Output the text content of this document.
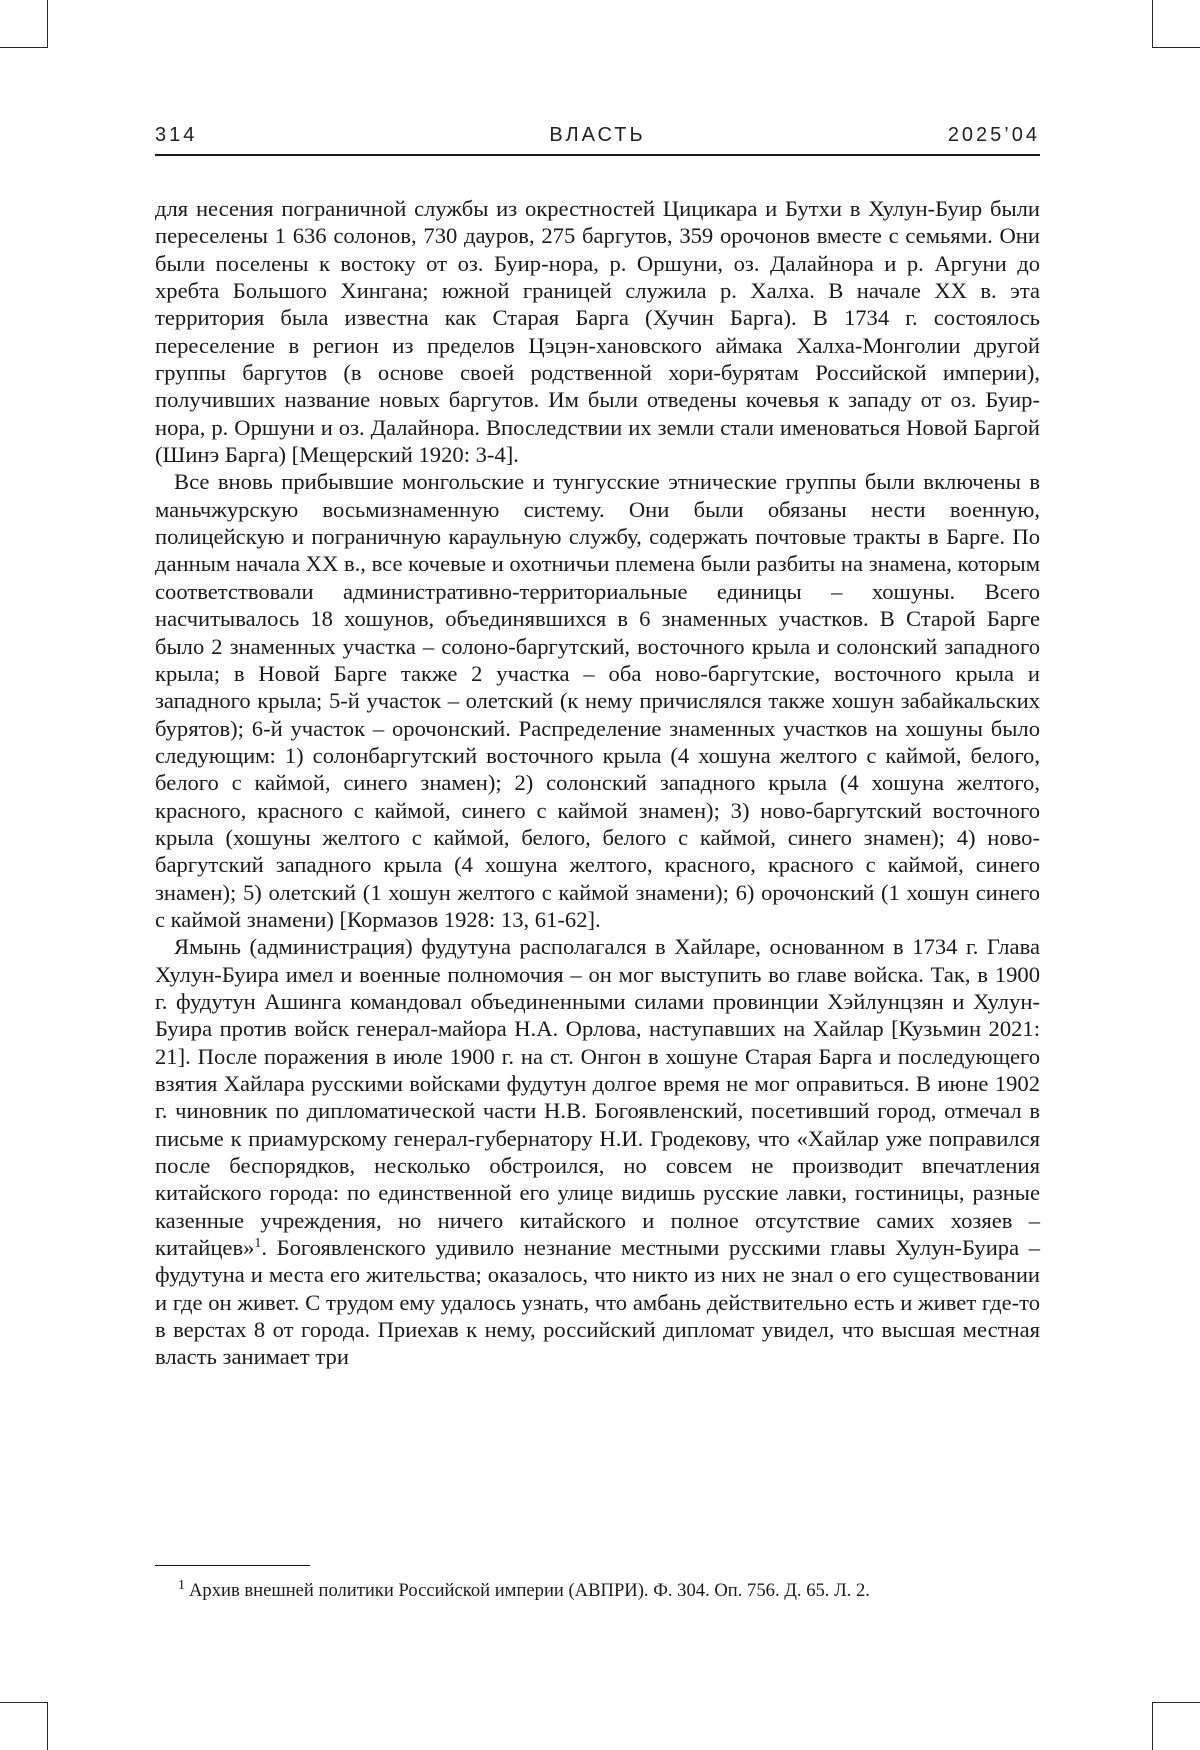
314	ВЛАСТЬ	2025’04

для несения пограничной службы из окрестностей Цицикара и Бутхи в Хулун-Буир были переселены 1 636 солонов, 730 дауров, 275 баргутов, 359 орочонов вместе с семьями. Они были поселены к востоку от оз. Буир-нора, р. Оршуни, оз. Далайнора и р. Аргуни до хребта Большого Хингана; южной границей служила р. Халха. В начале XX в. эта территория была известна как Старая Барга (Хучин Барга). В 1734 г. состоялось переселение в регион из пределов Цэцэн-хановского аймака Халха-Монголии другой группы баргутов (в основе своей родственной хори-бурятам Российской империи), получивших название новых баргутов. Им были отведены кочевья к западу от оз. Буир-нора, р. Оршуни и оз. Далайнора. Впоследствии их земли стали именоваться Новой Баргой (Шинэ Барга) [Мещерский 1920: 3-4].

Все вновь прибывшие монгольские и тунгусские этнические группы были включены в маньчжурскую восьмизнаменную систему. Они были обязаны нести военную, полицейскую и пограничную караульную службу, содержать почтовые тракты в Барге. По данным начала XX в., все кочевые и охотничьи племена были разбиты на знамена, которым соответствовали административно-территориальные единицы – хошуны. Всего насчитывалось 18 хошунов, объединявшихся в 6 знаменных участков. В Старой Барге было 2 знаменных участка – солоно-баргутский, восточного крыла и солонский западного крыла; в Новой Барге также 2 участка – оба ново-баргутские, восточного крыла и западного крыла; 5-й участок – олетский (к нему причислялся также хошун забайкальских бурятов); 6-й участок – орочонский. Распределение знаменных участков на хошуны было следующим: 1) солонбаргутский восточного крыла (4 хошуна желтого с каймой, белого, белого с каймой, синего знамен); 2) солонский западного крыла (4 хошуна желтого, красного, красного с каймой, синего с каймой знамен); 3) ново-баргутский восточного крыла (хошуны желтого с каймой, белого, белого с каймой, синего знамен); 4) ново-баргутский западного крыла (4 хошуна желтого, красного, красного с каймой, синего знамен); 5) олетский (1 хошун желтого с каймой знамени); 6) орочонский (1 хошун синего с каймой знамени) [Кормазов 1928: 13, 61-62].

Ямынь (администрация) фудутуна располагался в Хайларе, основанном в 1734 г. Глава Хулун-Буира имел и военные полномочия – он мог выступить во главе войска. Так, в 1900 г. фудутун Ашинга командовал объединенными силами провинции Хэйлунцзян и Хулун-Буира против войск генерал-майора Н.А. Орлова, наступавших на Хайлар [Кузьмин 2021: 21]. После поражения в июле 1900 г. на ст. Онгон в хошуне Старая Барга и последующего взятия Хайлара русскими войсками фудутун долгое время не мог оправиться. В июне 1902 г. чиновник по дипломатической части Н.В. Богоявленский, посетивший город, отмечал в письме к приамурскому генерал-губернатору Н.И. Гродекову, что «Хайлар уже поправился после беспорядков, несколько обстроился, но совсем не производит впечатления китайского города: по единственной его улице видишь русские лавки, гостиницы, разные казенные учреждения, но ничего китайского и полное отсутствие самих хозяев – китайцев»$^1$. Богоявленского удивило незнание местными русскими главы Хулун-Буира – фудутуна и места его жительства; оказалось, что никто из них не знал о его существовании и где он живет. С трудом ему удалось узнать, что амбань действительно есть и живет где-то в верстах 8 от города. Приехав к нему, российский дипломат увидел, что высшая местная власть занимает три

$^1$ Архив внешней политики Российской империи (АВПРИ). Ф. 304. Оп. 756. Д. 65. Л. 2.
